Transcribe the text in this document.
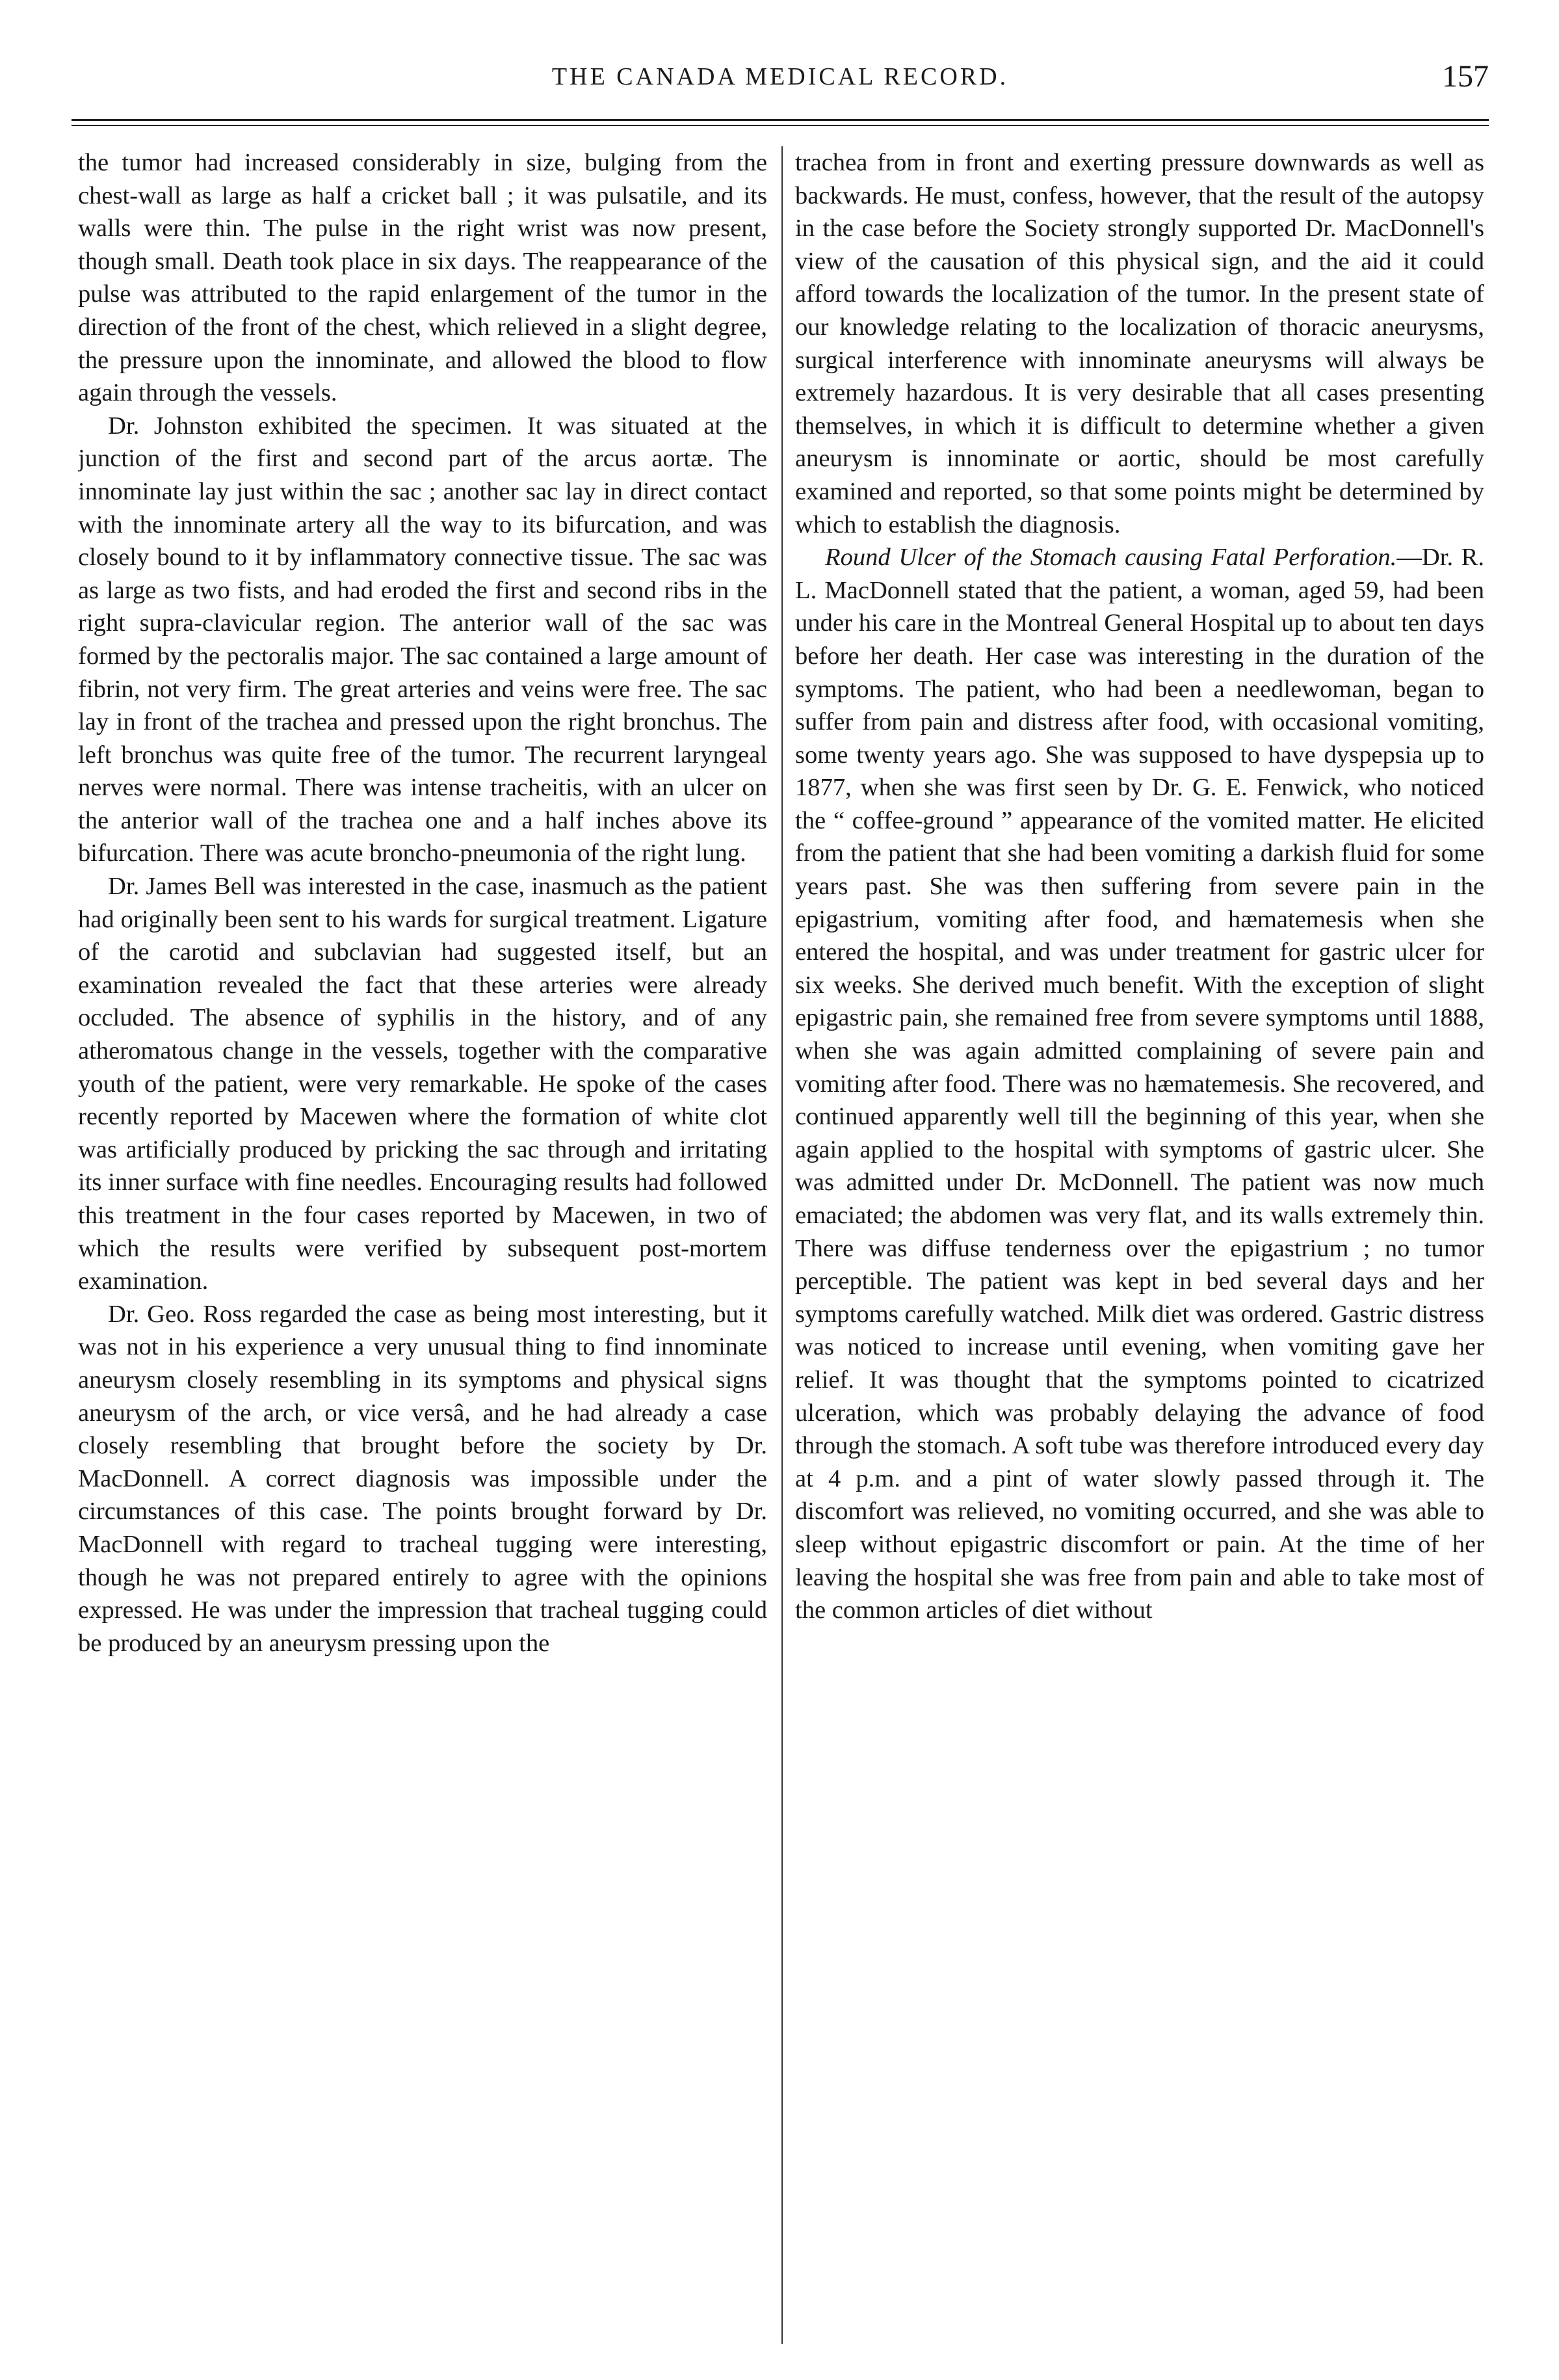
THE CANADA MEDICAL RECORD.	157

the tumor had increased considerably in size, bulging from the chest-wall as large as half a cricket ball ; it was pulsatile, and its walls were thin. The pulse in the right wrist was now present, though small. Death took place in six days. The reappearance of the pulse was attributed to the rapid enlargement of the tumor in the direction of the front of the chest, which relieved in a slight degree, the pressure upon the innominate, and allowed the blood to flow again through the vessels.

Dr. Johnston exhibited the specimen. It was situated at the junction of the first and second part of the arcus aortæ. The innominate lay just within the sac ; another sac lay in direct contact with the innominate artery all the way to its bifurcation, and was closely bound to it by inflammatory connective tissue. The sac was as large as two fists, and had eroded the first and second ribs in the right supra-clavicular region. The anterior wall of the sac was formed by the pectoralis major. The sac contained a large amount of fibrin, not very firm. The great arteries and veins were free. The sac lay in front of the trachea and pressed upon the right bronchus. The left bronchus was quite free of the tumor. The recurrent laryngeal nerves were normal. There was intense tracheitis, with an ulcer on the anterior wall of the trachea one and a half inches above its bifurcation. There was acute broncho-pneumonia of the right lung.

Dr. James Bell was interested in the case, inasmuch as the patient had originally been sent to his wards for surgical treatment. Ligature of the carotid and subclavian had suggested itself, but an examination revealed the fact that these arteries were already occluded. The absence of syphilis in the history, and of any atheromatous change in the vessels, together with the comparative youth of the patient, were very remarkable. He spoke of the cases recently reported by Macewen where the formation of white clot was artificially produced by pricking the sac through and irritating its inner surface with fine needles. Encouraging results had followed this treatment in the four cases reported by Macewen, in two of which the results were verified by subsequent post-mortem examination.

Dr. Geo. Ross regarded the case as being most interesting, but it was not in his experience a very unusual thing to find innominate aneurysm closely resembling in its symptoms and physical signs aneurysm of the arch, or vice versâ, and he had already a case closely resembling that brought before the society by Dr. MacDonnell. A correct diagnosis was impossible under the circumstances of this case. The points brought forward by Dr. MacDonnell with regard to tracheal tugging were interesting, though he was not prepared entirely to agree with the opinions expressed. He was under the impression that tracheal tugging could be produced by an aneurysm pressing upon the

trachea from in front and exerting pressure downwards as well as backwards. He must, confess, however, that the result of the autopsy in the case before the Society strongly supported Dr. MacDonnell's view of the causation of this physical sign, and the aid it could afford towards the localization of the tumor. In the present state of our knowledge relating to the localization of thoracic aneurysms, surgical interference with innominate aneurysms will always be extremely hazardous. It is very desirable that all cases presenting themselves, in which it is difficult to determine whether a given aneurysm is innominate or aortic, should be most carefully examined and reported, so that some points might be determined by which to establish the diagnosis.

Round Ulcer of the Stomach causing Fatal Perforation.—Dr. R. L. MacDonnell stated that the patient, a woman, aged 59, had been under his care in the Montreal General Hospital up to about ten days before her death. Her case was interesting in the duration of the symptoms. The patient, who had been a needlewoman, began to suffer from pain and distress after food, with occasional vomiting, some twenty years ago. She was supposed to have dyspepsia up to 1877, when she was first seen by Dr. G. E. Fenwick, who noticed the “ coffee-ground ” appearance of the vomited matter. He elicited from the patient that she had been vomiting a darkish fluid for some years past. She was then suffering from severe pain in the epigastrium, vomiting after food, and hæmatemesis when she entered the hospital, and was under treatment for gastric ulcer for six weeks. She derived much benefit. With the exception of slight epigastric pain, she remained free from severe symptoms until 1888, when she was again admitted complaining of severe pain and vomiting after food. There was no hæmatemesis. She recovered, and continued apparently well till the beginning of this year, when she again applied to the hospital with symptoms of gastric ulcer. She was admitted under Dr. McDonnell. The patient was now much emaciated; the abdomen was very flat, and its walls extremely thin. There was diffuse tenderness over the epigastrium ; no tumor perceptible. The patient was kept in bed several days and her symptoms carefully watched. Milk diet was ordered. Gastric distress was noticed to increase until evening, when vomiting gave her relief. It was thought that the symptoms pointed to cicatrized ulceration, which was probably delaying the advance of food through the stomach. A soft tube was therefore introduced every day at 4 p.m. and a pint of water slowly passed through it. The discomfort was relieved, no vomiting occurred, and she was able to sleep without epigastric discomfort or pain. At the time of her leaving the hospital she was free from pain and able to take most of the common articles of diet without
